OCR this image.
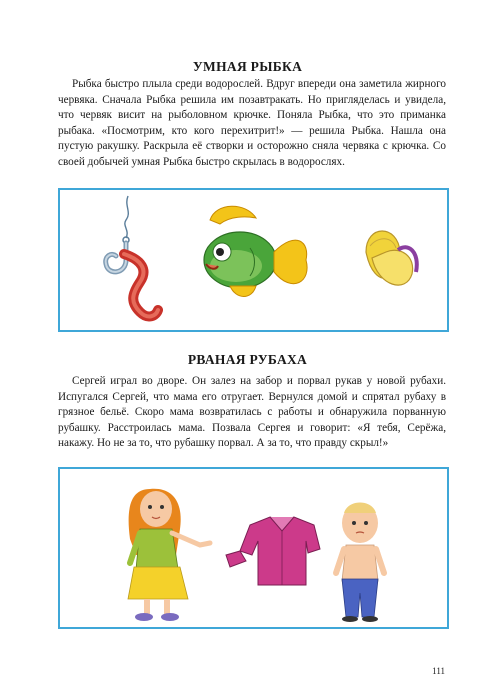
УМНАЯ РЫБКА

Рыбка быстро плыла среди водорослей. Вдруг впереди она заметила жирного червяка. Сначала Рыбка решила им позавтракать. Но пригляделась и увидела, что червяк висит на рыболовном крючке. Поняла Рыбка, что это приманка рыбака. «Посмотрим, кто кого перехитрит!» — решила Рыбка. Нашла она пустую ракушку. Раскрыла её створки и осторожно сняла червяка с крючка. Со своей добычей умная Рыбка быстро скрылась в водорослях.

РВАНАЯ РУБАХА

Сергей играл во дворе. Он залез на забор и порвал рукав у новой рубахи. Испугался Сергей, что мама его отругает. Вернулся домой и спрятал рубаху в грязное бельё. Скоро мама возвратилась с работы и обнаружила порванную рубашку. Расстроилась мама. Позвала Сергея и говорит: «Я тебя, Серёжа, накажу. Но не за то, что рубашку порвал. А за то, что правду скрыл!»

111
